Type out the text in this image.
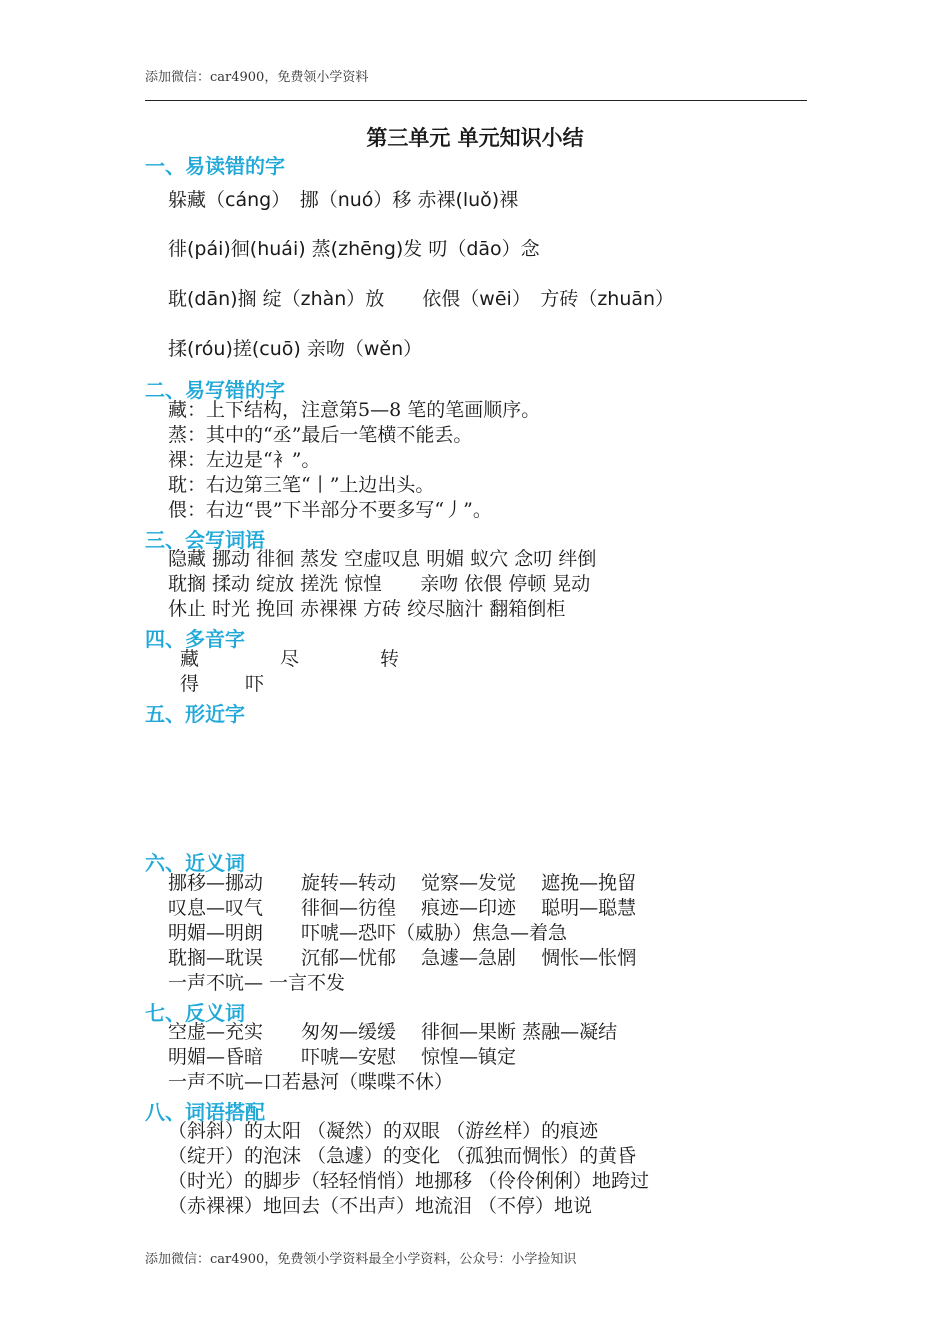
添加微信：car4900，免费领小学资料
第三单元 单元知识小结
一、易读错的字
躲藏（cáng）　挪（nuó）移 赤裸(luǒ)裸
徘(pái)徊(huái) 蒸(zhēng)发 叨（dāo）念
耽(dān)搁 绽（zhàn）放　　依偎（wēi）　方砖（zhuān）
揉(róu)搓(cuō) 亲吻（wěn）
二、易写错的字
藏：上下结构，注意第5—8 笔的笔画顺序。
蒸：其中的“丞”最后一笔横不能丢。
裸：左边是“衤”。
耽：右边第三笔“丨”上边出头。
偎：右边“畏”下半部分不要多写“丿”。
三、会写词语
隐藏 挪动 徘徊 蒸发 空虚叹息 明媚 蚁穴 念叨 绊倒
耽搁 揉动 绽放 搓洗 惊惶　　亲吻 依偎 停顿 晃动
休止 时光 挽回 赤裸裸 方砖 绞尽脑汁 翻箱倒柜
四、多音字
藏	尽	转
得 吓
五、形近字
六、近义词
挪移—挪动　　旋转—转动　 觉察—发觉　 遮挽—挽留
叹息—叹气　　徘徊—彷徨　 痕迹—印迹　 聪明—聪慧
明媚—明朗　　吓唬—恐吓（威胁）焦急—着急
耽搁—耽误　　沉郁—忧郁　 急遽—急剧　 惆怅—怅惘
一声不吭— 一言不发
七、反义词
空虚—充实　　匆匆—缓缓　 徘徊—果断 蒸融—凝结
明媚—昏暗　　吓唬—安慰　 惊惶—镇定
一声不吭—口若悬河（喋喋不休）
八、词语搭配
（斜斜）的太阳 （凝然）的双眼 （游丝样）的痕迹
（绽开）的泡沫 （急遽）的变化 （孤独而惆怅）的黄昏
（时光）的脚步（轻轻悄悄）地挪移 （伶伶俐俐）地跨过
（赤裸裸）地回去（不出声）地流泪 （不停）地说
添加微信：car4900，免费领小学资料最全小学资料，公众号：小学捡知识
